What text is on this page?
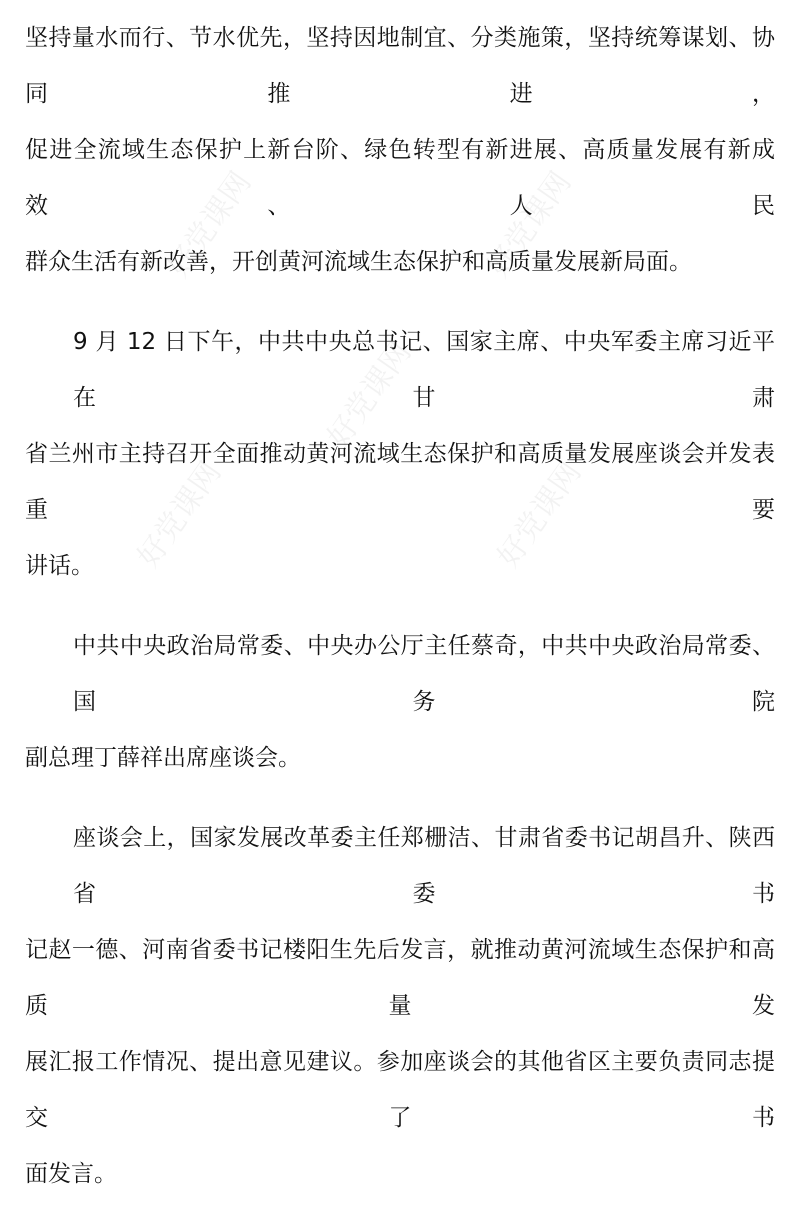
好党课网	好党课网
好党课网
好党课网	好党课网
坚持量水而行、节水优先，坚持因地制宜、分类施策，坚持统筹谋划、协同推进，
促进全流域生态保护上新台阶、绿色转型有新进展、高质量发展有新成效、人民
群众生活有新改善，开创黄河流域生态保护和高质量发展新局面。
9 月 12 日下午，中共中央总书记、国家主席、中央军委主席习近平在甘肃
省兰州市主持召开全面推动黄河流域生态保护和高质量发展座谈会并发表重要
讲话。
中共中央政治局常委、中央办公厅主任蔡奇，中共中央政治局常委、国务院
副总理丁薛祥出席座谈会。
座谈会上，国家发展改革委主任郑栅洁、甘肃省委书记胡昌升、陕西省委书
记赵一德、河南省委书记楼阳生先后发言，就推动黄河流域生态保护和高质量发
展汇报工作情况、提出意见建议。参加座谈会的其他省区主要负责同志提交了书
面发言。
